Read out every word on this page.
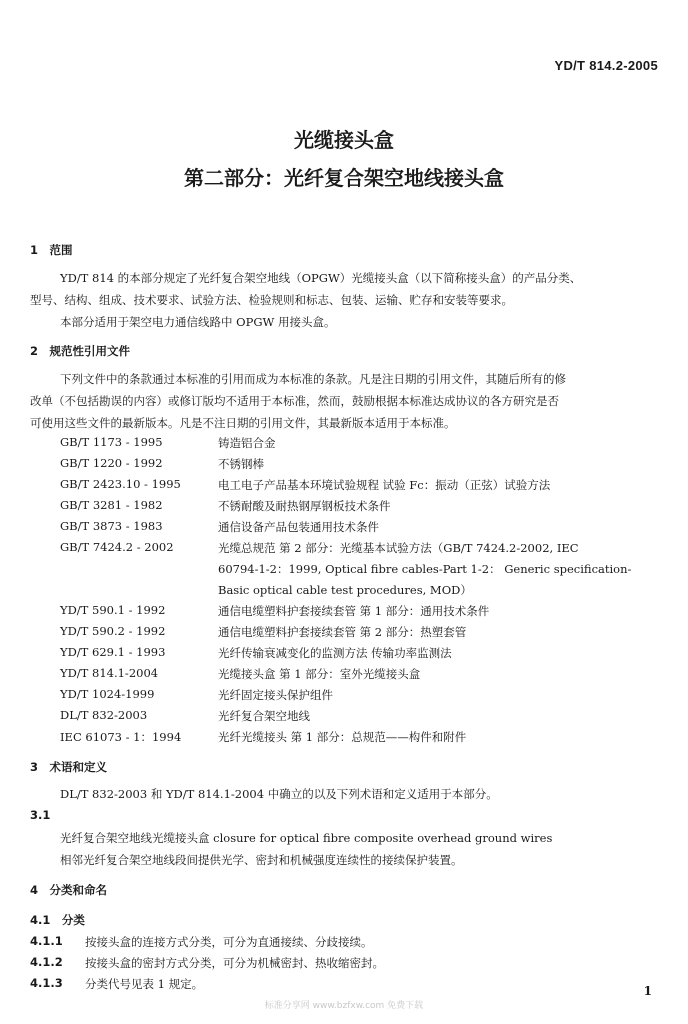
YD/T 814.2-2005
光缆接头盒
第二部分：光纤复合架空地线接头盒
1　范围
YD/T 814 的本部分规定了光纤复合架空地线（OPGW）光缆接头盒（以下简称接头盒）的产品分类、
型号、结构、组成、技术要求、试验方法、检验规则和标志、包装、运输、贮存和安装等要求。
本部分适用于架空电力通信线路中 OPGW 用接头盒。
2　规范性引用文件
下列文件中的条款通过本标准的引用而成为本标准的条款。凡是注日期的引用文件，其随后所有的修
改单（不包括勘误的内容）或修订版均不适用于本标准，然而，鼓励根据本标准达成协议的各方研究是否
可使用这些文件的最新版本。凡是不注日期的引用文件，其最新版本适用于本标准。
GB/T 1173 - 1995	铸造铝合金
GB/T 1220 - 1992	不锈钢棒
GB/T 2423.10 - 1995	电工电子产品基本环境试验规程 试验 Fc：振动（正弦）试验方法
GB/T 3281 - 1982	不锈耐酸及耐热钢厚钢板技术条件
GB/T 3873 - 1983	通信设备产品包装通用技术条件
GB/T 7424.2 - 2002	光缆总规范 第 2 部分：光缆基本试验方法（GB/T 7424.2-2002, IEC
60794-1-2：1999, Optical fibre cables-Part 1-2： Generic specification-
Basic optical cable test procedures, MOD）
YD/T 590.1 - 1992	通信电缆塑料护套接续套管 第 1 部分：通用技术条件
YD/T 590.2 - 1992	通信电缆塑料护套接续套管 第 2 部分：热塑套管
YD/T 629.1 - 1993	光纤传输衰减变化的监测方法 传输功率监测法
YD/T 814.1-2004	光缆接头盒 第 1 部分：室外光缆接头盒
YD/T 1024-1999	光纤固定接头保护组件
DL/T 832-2003	光纤复合架空地线
IEC 61073 - 1：1994	光纤光缆接头 第 1 部分：总规范——构件和附件
3　术语和定义
DL/T 832-2003 和 YD/T 814.1-2004 中确立的以及下列术语和定义适用于本部分。
3.1
光纤复合架空地线光缆接头盒 closure for optical fibre composite overhead ground wires
相邻光纤复合架空地线段间提供光学、密封和机械强度连续性的接续保护装置。
4　分类和命名
4.1　分类
4.1.1 按接头盒的连接方式分类，可分为直通接续、分歧接续。
4.1.2 按接头盒的密封方式分类，可分为机械密封、热收缩密封。
4.1.3 分类代号见表 1 规定。	1
标准分享网 www.bzfxw.com 免费下载
